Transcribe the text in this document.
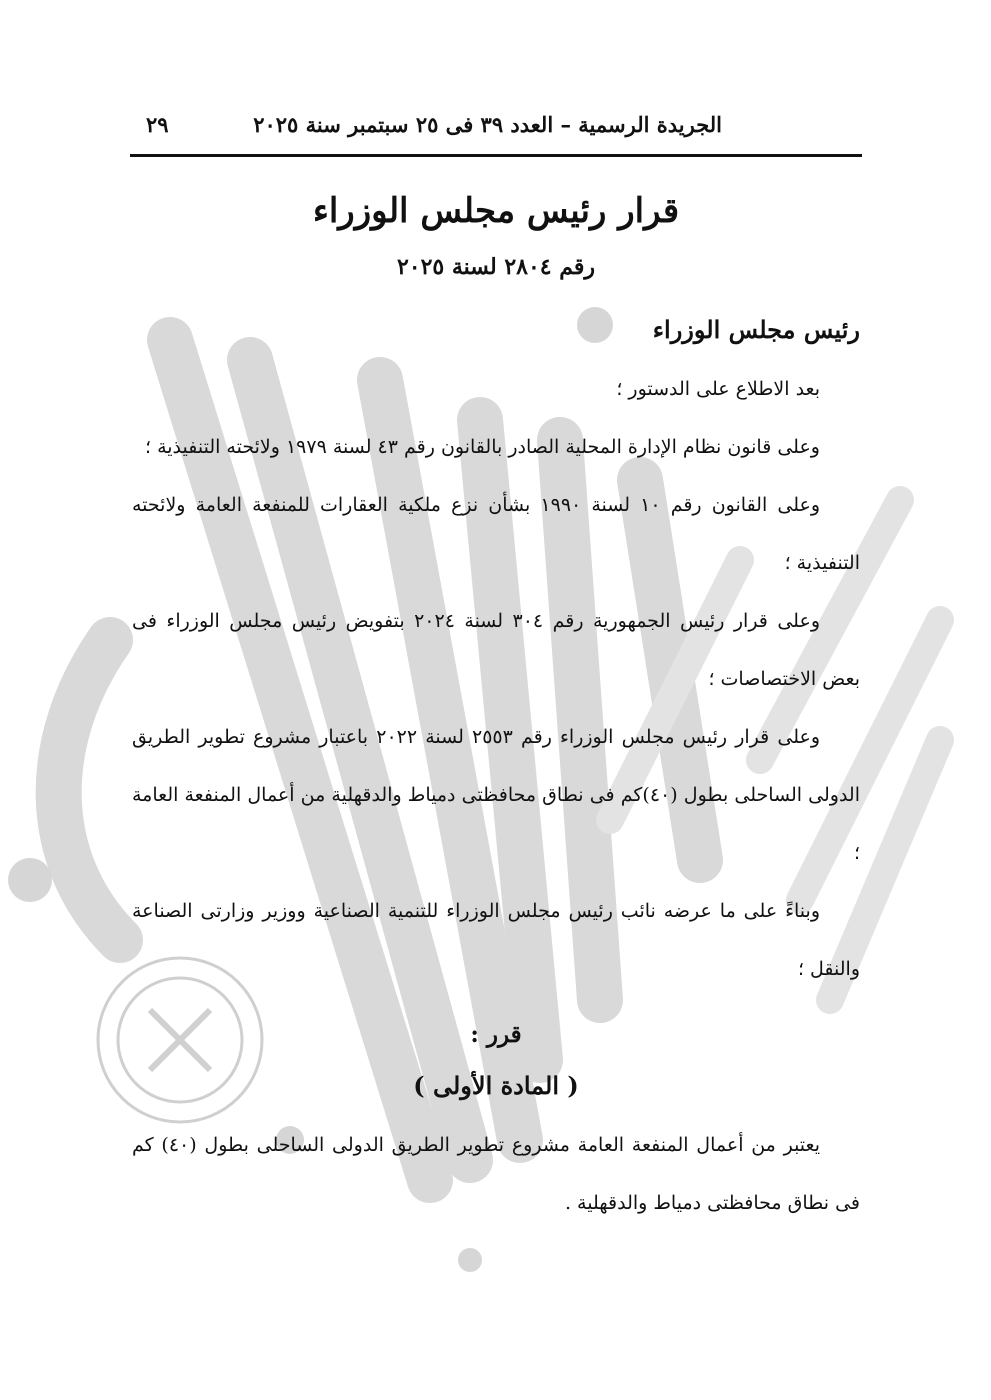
الجريدة الرسمية – العدد ٣٩ فى ٢٥ سبتمبر سنة ٢٠٢٥
٢٩
قرار رئيس مجلس الوزراء
رقم ٢٨٠٤ لسنة ٢٠٢٥

رئيس مجلس الوزراء

بعد الاطلاع على الدستور ؛

وعلى قانون نظام الإدارة المحلية الصادر بالقانون رقم ٤٣ لسنة ١٩٧٩ ولائحته التنفيذية ؛

وعلى القانون رقم ١٠ لسنة ١٩٩٠ بشأن نزع ملكية العقارات للمنفعة العامة ولائحته التنفيذية ؛

وعلى قرار رئيس الجمهورية رقم ٣٠٤ لسنة ٢٠٢٤ بتفويض رئيس مجلس الوزراء فى بعض الاختصاصات ؛

وعلى قرار رئيس مجلس الوزراء رقم ٢٥٥٣ لسنة ٢٠٢٢ باعتبار مشروع تطوير الطريق الدولى الساحلى بطول (٤٠)كم فى نطاق محافظتى دمياط والدقهلية من أعمال المنفعة العامة ؛

وبناءً على ما عرضه نائب رئيس مجلس الوزراء للتنمية الصناعية ووزير وزارتى الصناعة والنقل ؛

قرر :

( المادة الأولى )

يعتبر من أعمال المنفعة العامة مشروع تطوير الطريق الدولى الساحلى بطول (٤٠) كم فى نطاق محافظتى دمياط والدقهلية .
